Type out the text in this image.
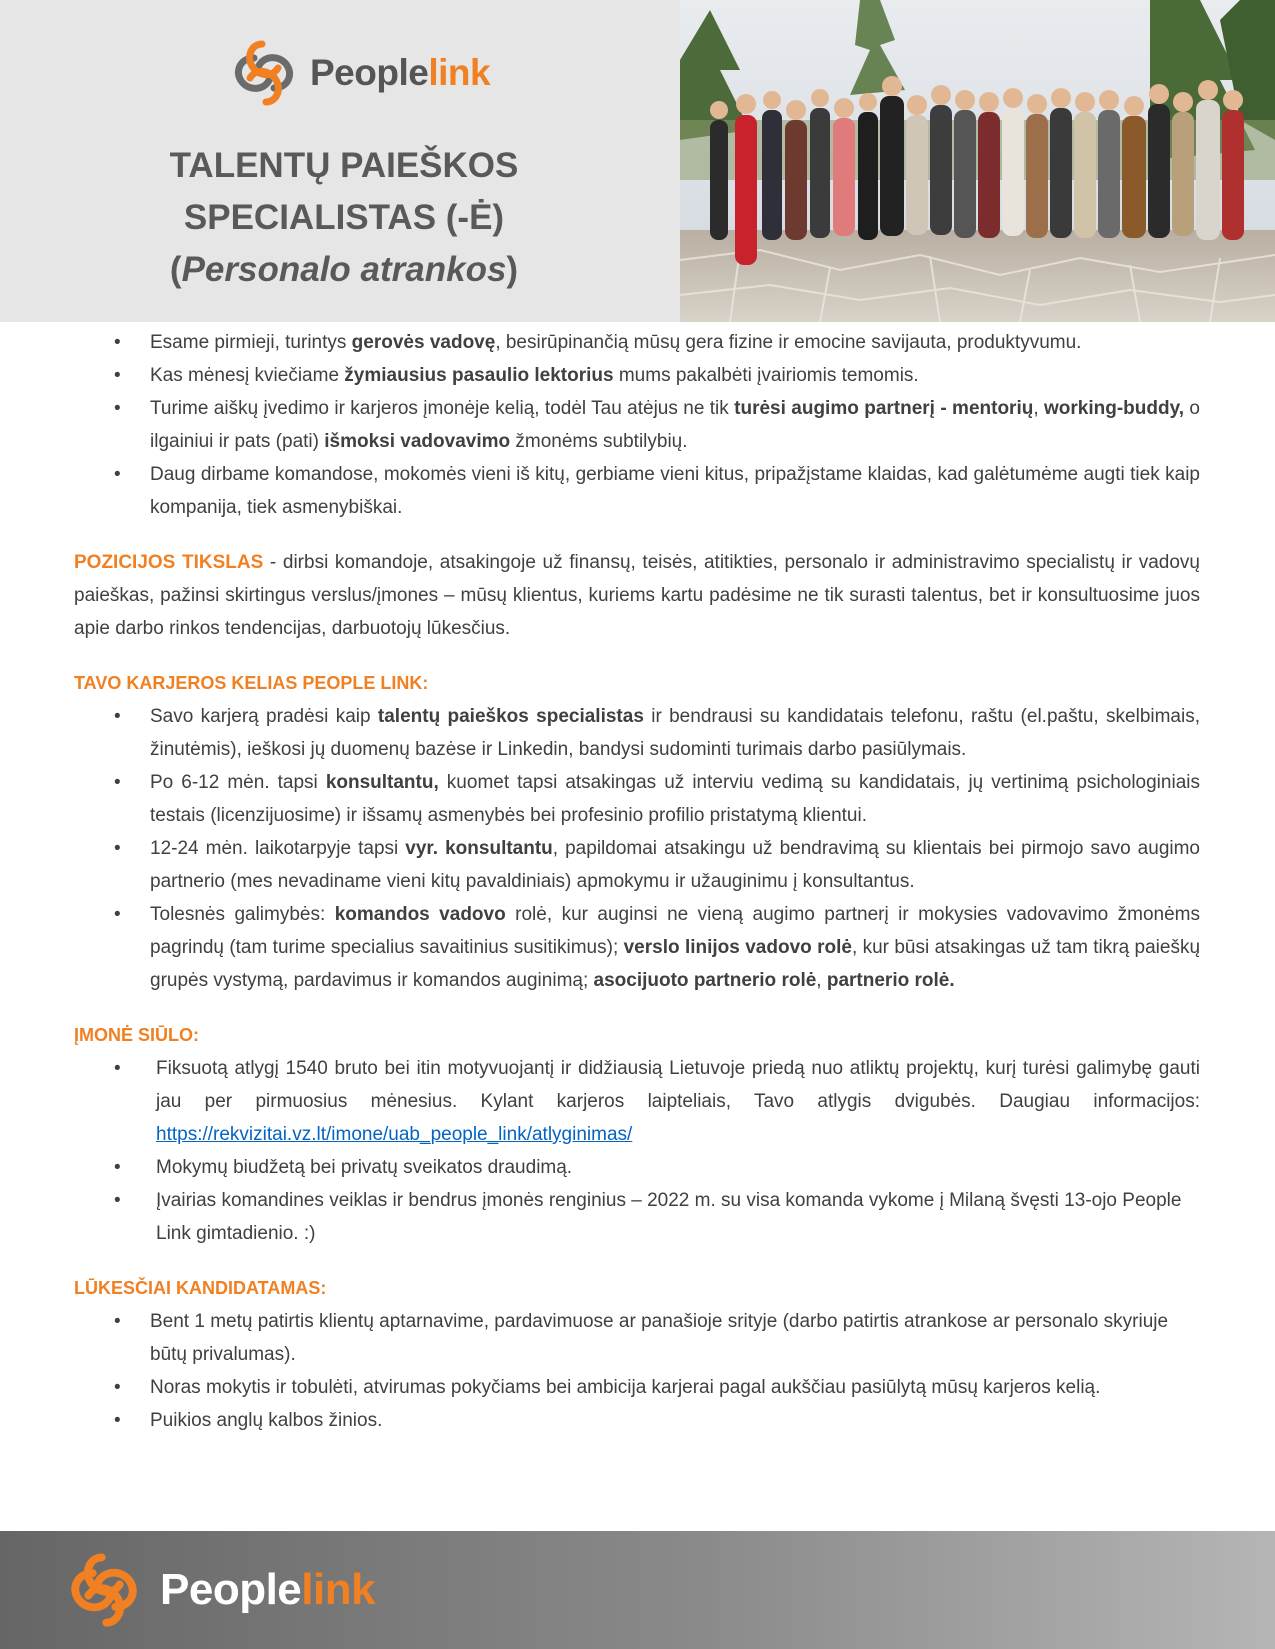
Peoplelink
TALENTŲ PAIEŠKOS
SPECIALISTAS (-Ė)
(Personalo atrankos)
• Esame pirmieji, turintys gerovės vadovę, besirūpinančią mūsų gera fizine ir emocine savijauta, produktyvumu.
• Kas mėnesį kviečiame žymiausius pasaulio lektorius mums pakalbėti įvairiomis temomis.
• Turime aiškų įvedimo ir karjeros įmonėje kelią, todėl Tau atėjus ne tik turėsi augimo partnerį - mentorių, working-buddy, o ilgainiui ir pats (pati) išmoksi vadovavimo žmonėms subtilybių.
• Daug dirbame komandose, mokomės vieni iš kitų, gerbiame vieni kitus, pripažįstame klaidas, kad galėtumėme augti tiek kaip kompanija, tiek asmenybiškai.

POZICIJOS TIKSLAS - dirbsi komandoje, atsakingoje už finansų, teisės, atitikties, personalo ir administravimo specialistų ir vadovų paieškas, pažinsi skirtingus verslus/įmones – mūsų klientus, kuriems kartu padėsime ne tik surasti talentus, bet ir konsultuosime juos apie darbo rinkos tendencijas, darbuotojų lūkesčius.

TAVO KARJEROS KELIAS PEOPLE LINK:

• Savo karjerą pradėsi kaip talentų paieškos specialistas ir bendrausi su kandidatais telefonu, raštu (el.paštu, skelbimais, žinutėmis), ieškosi jų duomenų bazėse ir Linkedin, bandysi sudominti turimais darbo pasiūlymais.
• Po 6-12 mėn. tapsi konsultantu, kuomet tapsi atsakingas už interviu vedimą su kandidatais, jų vertinimą psichologiniais testais (licenzijuosime) ir išsamų asmenybės bei profesinio profilio pristatymą klientui.
• 12-24 mėn. laikotarpyje tapsi vyr. konsultantu, papildomai atsakingu už bendravimą su klientais bei pirmojo savo augimo partnerio (mes nevadiname vieni kitų pavaldiniais) apmokymu ir užauginimu į konsultantus.
• Tolesnės galimybės: komandos vadovo rolė, kur auginsi ne vieną augimo partnerį ir mokysies vadovavimo žmonėms pagrindų (tam turime specialius savaitinius susitikimus); verslo linijos vadovo rolė, kur būsi atsakingas už tam tikrą paieškų grupės vystymą, pardavimus ir komandos auginimą; asocijuoto partnerio rolė, partnerio rolė.

ĮMONĖ SIŪLO:

• Fiksuotą atlygį 1540 bruto bei itin motyvuojantį ir didžiausią Lietuvoje priedą nuo atliktų projektų, kurį turėsi galimybę gauti jau per pirmuosius mėnesius. Kylant karjeros laipteliais, Tavo atlygis dvigubės. Daugiau informacijos: https://rekvizitai.vz.lt/imone/uab_people_link/atlyginimas/
• Mokymų biudžetą bei privatų sveikatos draudimą.
• Įvairias komandines veiklas ir bendrus įmonės renginius – 2022 m. su visa komanda vykome į Milaną švęsti 13-ojo People Link gimtadienio. :)

LŪKESČIAI KANDIDATAMAS:

• Bent 1 metų patirtis klientų aptarnavime, pardavimuose ar panašioje srityje (darbo patirtis atrankose ar personalo skyriuje būtų privalumas).
• Noras mokytis ir tobulėti, atvirumas pokyčiams bei ambicija karjerai pagal aukščiau pasiūlytą mūsų karjeros kelią.
• Puikios anglų kalbos žinios.
Peoplelink
